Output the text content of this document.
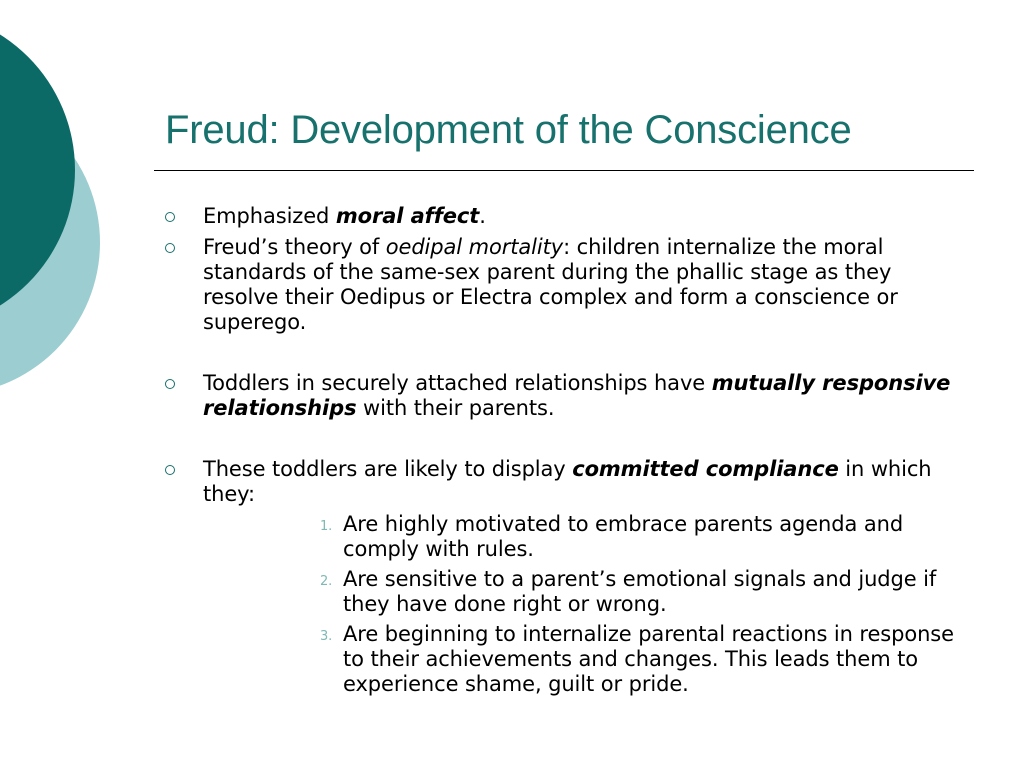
Freud: Development of the Conscience
Emphasized moral affect.
Freud’s theory of oedipal mortality: children internalize the moral standards of the same-sex parent during the phallic stage as they resolve their Oedipus or Electra complex and form a conscience or superego.
Toddlers in securely attached relationships have mutually responsive relationships with their parents.
These toddlers are likely to display committed compliance in which they:
1. Are highly motivated to embrace parents agenda and comply with rules.
2. Are sensitive to a parent’s emotional signals and judge if they have done right or wrong.
3. Are beginning to internalize parental reactions in response to their achievements and changes. This leads them to experience shame, guilt or pride.
